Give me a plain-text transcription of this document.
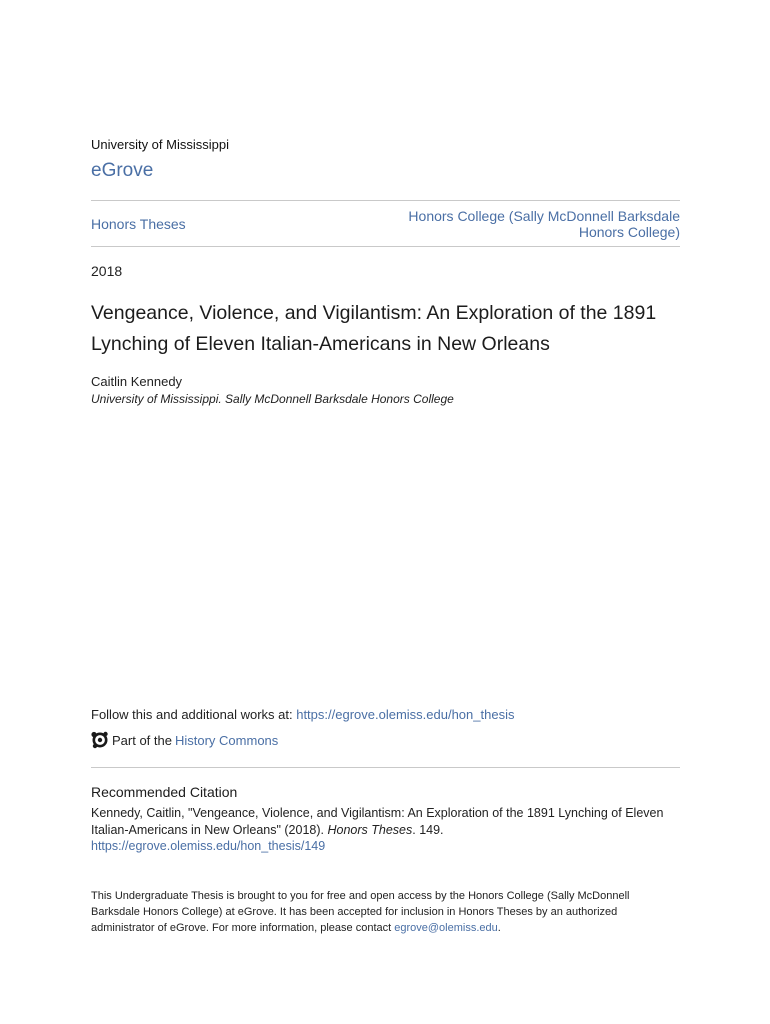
University of Mississippi
eGrove
Honors Theses	Honors College (Sally McDonnell Barksdale
Honors College)
2018
Vengeance, Violence, and Vigilantism: An Exploration of the 1891
Lynching of Eleven Italian-Americans in New Orleans
Caitlin Kennedy
University of Mississippi. Sally McDonnell Barksdale Honors College
Follow this and additional works at: https://egrove.olemiss.edu/hon_thesis
Part of the History Commons
Recommended Citation
Kennedy, Caitlin, "Vengeance, Violence, and Vigilantism: An Exploration of the 1891 Lynching of Eleven
Italian-Americans in New Orleans" (2018). Honors Theses. 149.
https://egrove.olemiss.edu/hon_thesis/149
This Undergraduate Thesis is brought to you for free and open access by the Honors College (Sally McDonnell
Barksdale Honors College) at eGrove. It has been accepted for inclusion in Honors Theses by an authorized
administrator of eGrove. For more information, please contact egrove@olemiss.edu.
